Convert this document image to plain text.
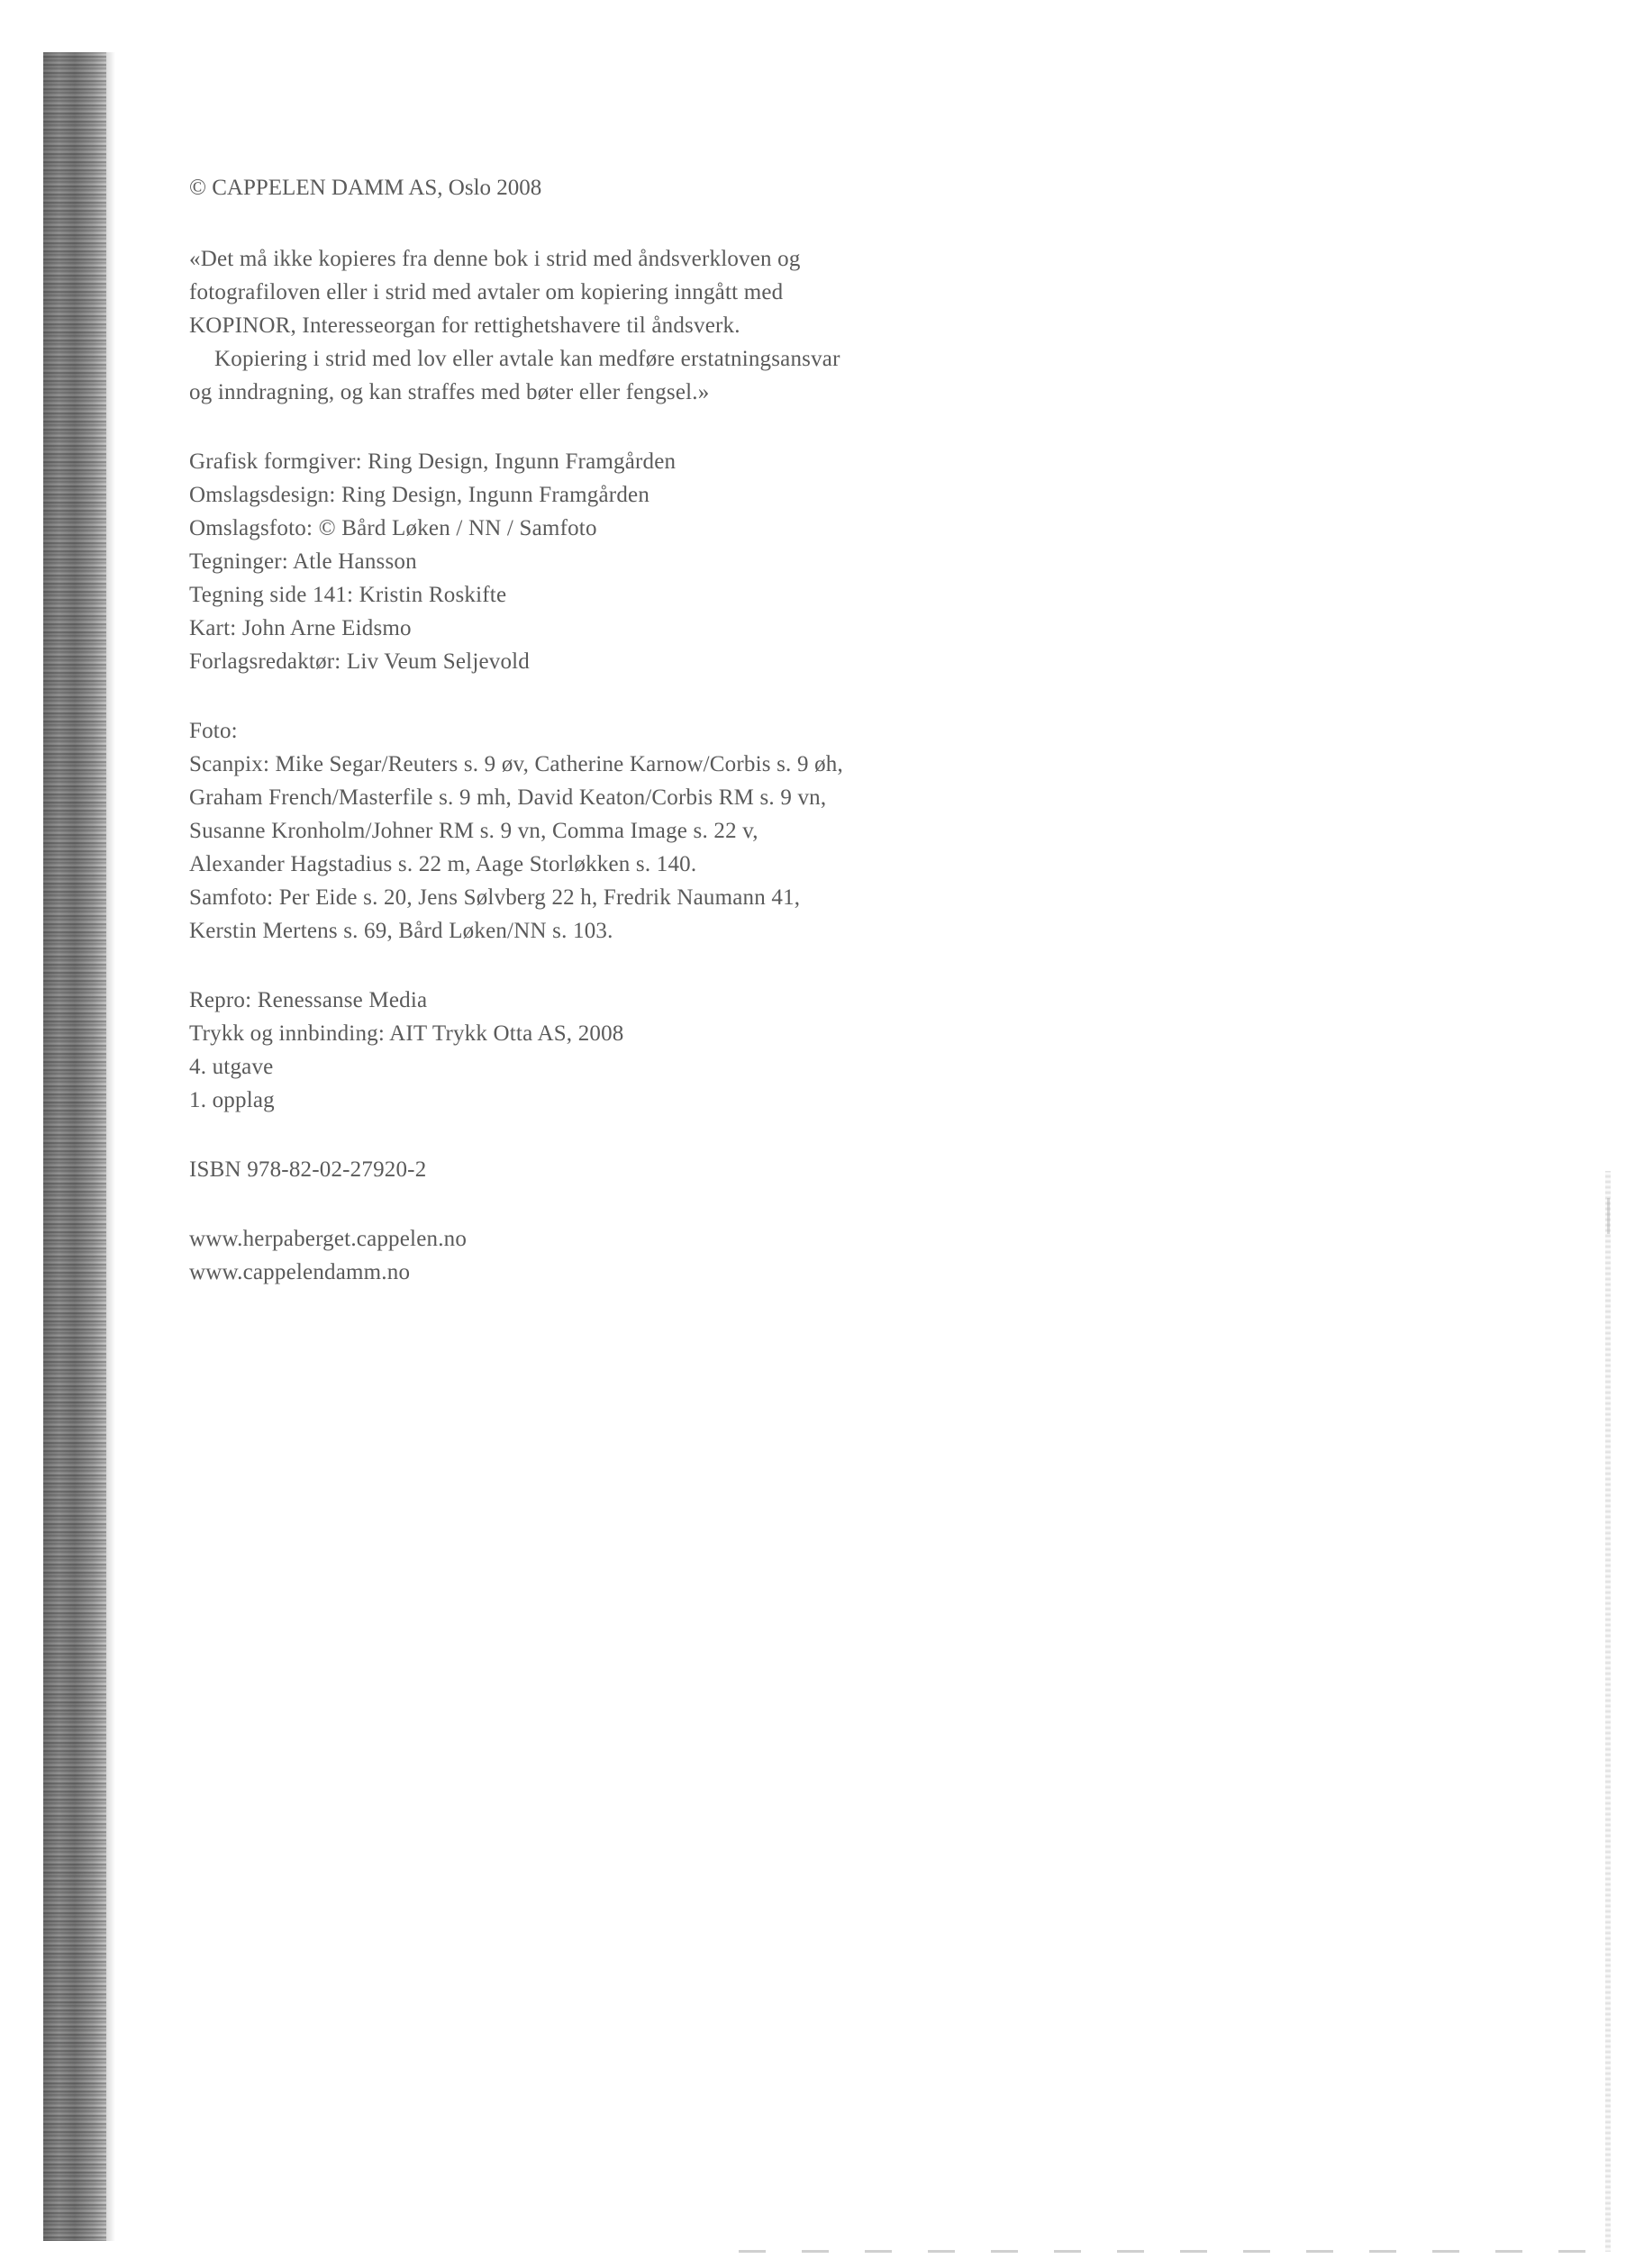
© CAPPELEN DAMM AS, Oslo 2008
«Det må ikke kopieres fra denne bok i strid med åndsverkloven og
fotografiloven eller i strid med avtaler om kopiering inngått med
KOPINOR, Interesseorgan for rettighetshavere til åndsverk.
Kopiering i strid med lov eller avtale kan medføre erstatningsansvar
og inndragning, og kan straffes med bøter eller fengsel.»
Grafisk formgiver: Ring Design, Ingunn Framgården
Omslagsdesign: Ring Design, Ingunn Framgården
Omslagsfoto: © Bård Løken / NN / Samfoto
Tegninger: Atle Hansson
Tegning side 141: Kristin Roskifte
Kart: John Arne Eidsmo
Forlagsredaktør: Liv Veum Seljevold
Foto:
Scanpix: Mike Segar/Reuters s. 9 øv, Catherine Karnow/Corbis s. 9 øh,
Graham French/Masterfile s. 9 mh, David Keaton/Corbis RM s. 9 vn,
Susanne Kronholm/Johner RM s. 9 vn, Comma Image s. 22 v,
Alexander Hagstadius s. 22 m, Aage Storløkken s. 140.
Samfoto: Per Eide s. 20, Jens Sølvberg 22 h, Fredrik Naumann 41,
Kerstin Mertens s. 69, Bård Løken/NN s. 103.
Repro: Renessanse Media
Trykk og innbinding: AIT Trykk Otta AS, 2008
4. utgave
1. opplag
ISBN 978-82-02-27920-2
www.herpaberget.cappelen.no
www.cappelendamm.no
